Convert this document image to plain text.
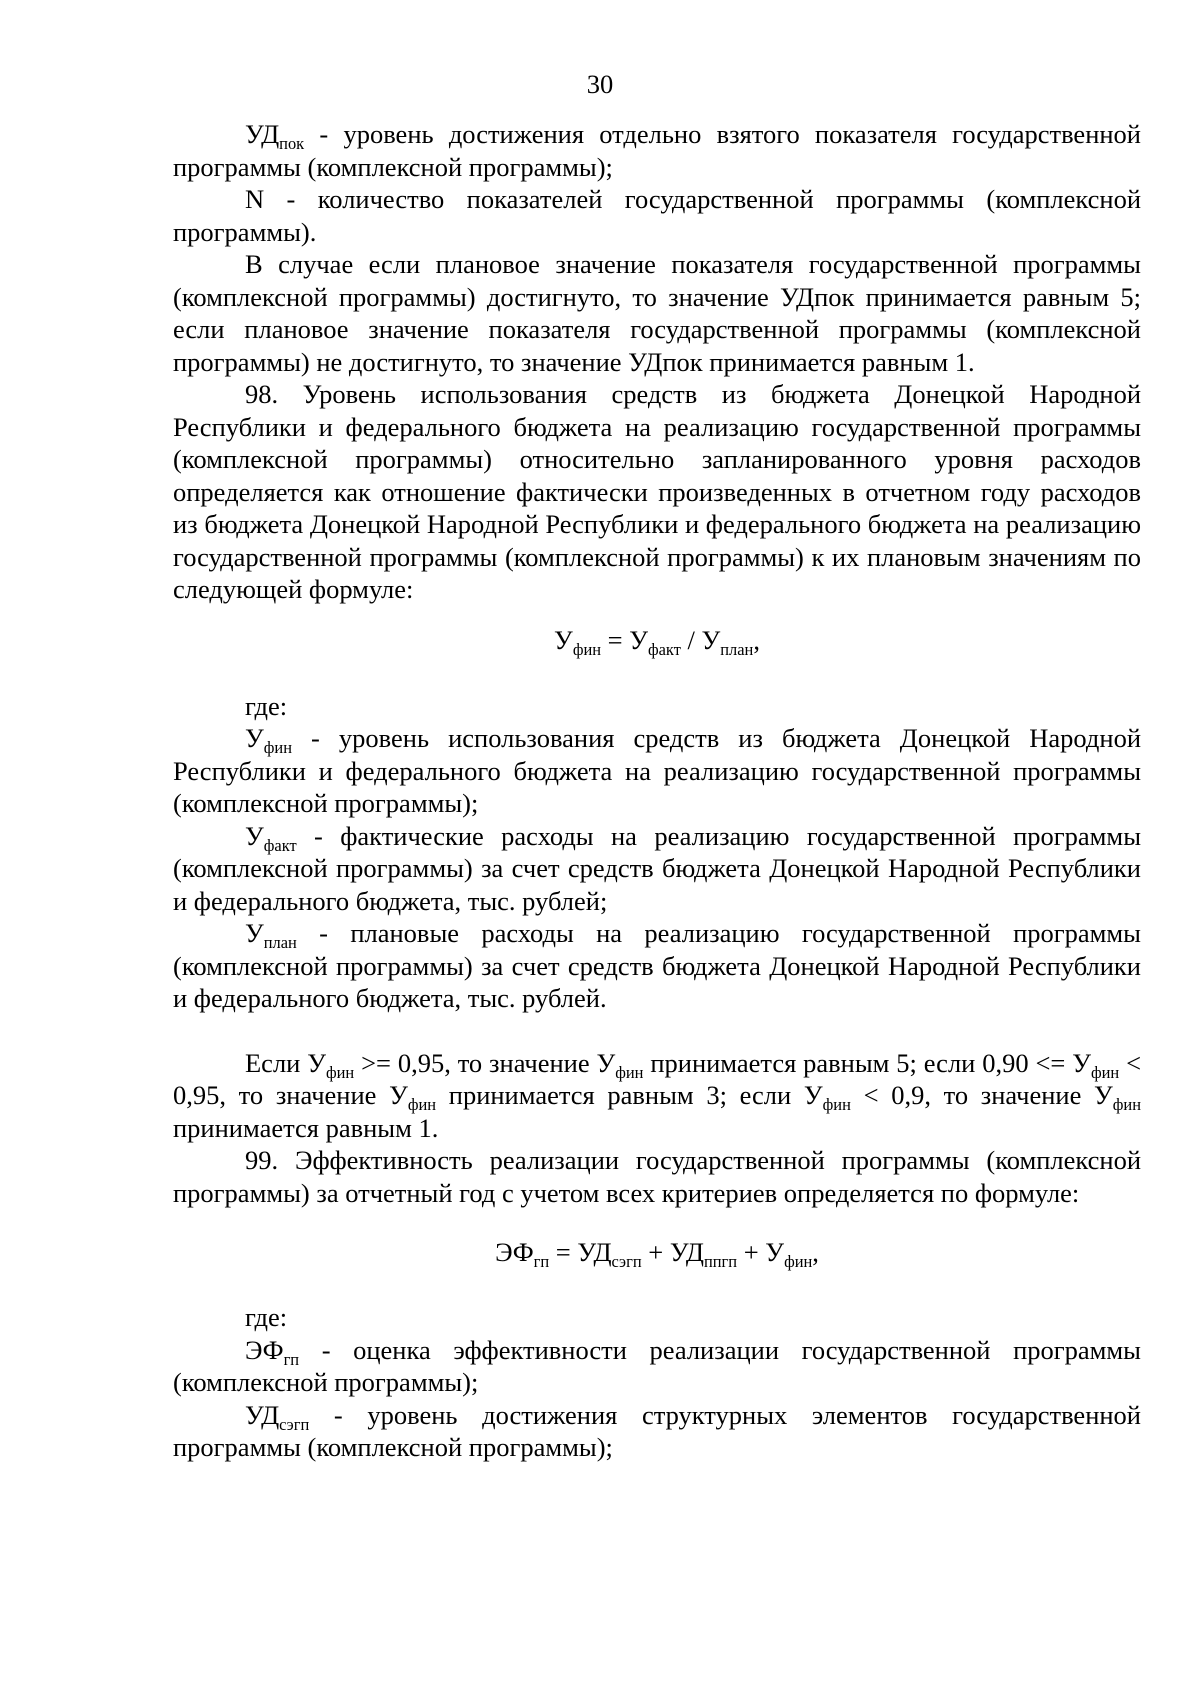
30

$УД_{пок}$ - уровень достижения отдельно взятого показателя государственной программы (комплексной программы);

N - количество показателей государственной программы (комплексной программы).

В случае если плановое значение показателя государственной программы (комплексной программы) достигнуто, то значение УДпок принимается равным 5; если плановое значение показателя государственной программы (комплексной программы) не достигнуто, то значение УДпок принимается равным 1.

98. Уровень использования средств из бюджета Донецкой Народной Республики и федерального бюджета на реализацию государственной программы (комплексной программы) относительно запланированного уровня расходов определяется как отношение фактически произведенных в отчетном году расходов из бюджета Донецкой Народной Республики и федерального бюджета на реализацию государственной программы (комплексной программы) к их плановым значениям по следующей формуле:

$У_{фин} = У_{факт} / У_{план}$,

где:

$У_{фин}$ - уровень использования средств из бюджета Донецкой Народной Республики и федерального бюджета на реализацию государственной программы (комплексной программы);

$У_{факт}$ - фактические расходы на реализацию государственной программы (комплексной программы) за счет средств бюджета Донецкой Народной Республики и федерального бюджета, тыс. рублей;

$У_{план}$ - плановые расходы на реализацию государственной программы (комплексной программы) за счет средств бюджета Донецкой Народной Республики и федерального бюджета, тыс. рублей.

Если $У_{фин} >= 0,95$, то значение $У_{фин}$ принимается равным 5; если $0,90 <= У_{фин} < 0,95$, то значение $У_{фин}$ принимается равным 3; если $У_{фин} < 0,9$, то значение $У_{фин}$ принимается равным 1.

99. Эффективность реализации государственной программы (комплексной программы) за отчетный год с учетом всех критериев определяется по формуле:

$ЭФ_{гп} = УД_{сэгп} + УД_{ппгп} + У_{фин}$,

где:

$ЭФ_{гп}$ - оценка эффективности реализации государственной программы (комплексной программы);

$УД_{сэгп}$ - уровень достижения структурных элементов государственной программы (комплексной программы);
